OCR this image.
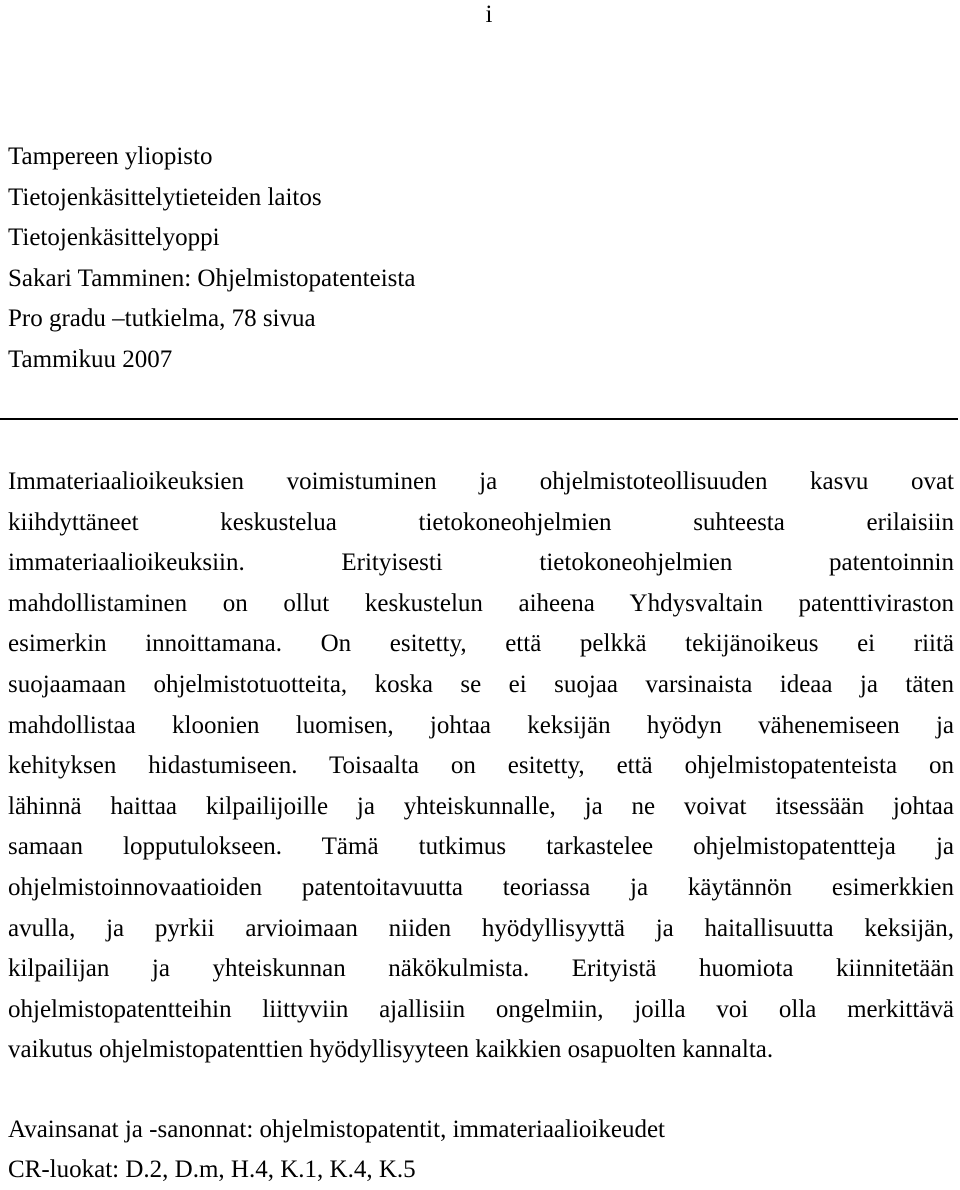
i
Tampereen yliopisto
Tietojenkäsittelytieteiden laitos
Tietojenkäsittelyoppi
Sakari Tamminen: Ohjelmistopatenteista
Pro gradu –tutkielma, 78 sivua
Tammikuu 2007
Immateriaalioikeuksien voimistuminen ja ohjelmistoteollisuuden kasvu ovat
kiihdyttäneet keskustelua tietokoneohjelmien suhteesta erilaisiin
immateriaalioikeuksiin. Erityisesti tietokoneohjelmien patentoinnin
mahdollistaminen on ollut keskustelun aiheena Yhdysvaltain patenttiviraston
esimerkin innoittamana. On esitetty, että pelkkä tekijänoikeus ei riitä
suojaamaan ohjelmistotuotteita, koska se ei suojaa varsinaista ideaa ja täten
mahdollistaa kloonien luomisen, johtaa keksijän hyödyn vähenemiseen ja
kehityksen hidastumiseen. Toisaalta on esitetty, että ohjelmistopatenteista on
lähinnä haittaa kilpailijoille ja yhteiskunnalle, ja ne voivat itsessään johtaa
samaan lopputulokseen. Tämä tutkimus tarkastelee ohjelmistopatentteja ja
ohjelmistoinnovaatioiden patentoitavuutta teoriassa ja käytännön esimerkkien
avulla, ja pyrkii arvioimaan niiden hyödyllisyyttä ja haitallisuutta keksijän,
kilpailijan ja yhteiskunnan näkökulmista. Erityistä huomiota kiinnitetään
ohjelmistopatentteihin liittyviin ajallisiin ongelmiin, joilla voi olla merkittävä
vaikutus ohjelmistopatenttien hyödyllisyyteen kaikkien osapuolten kannalta.
Avainsanat ja -sanonnat: ohjelmistopatentit, immateriaalioikeudet
CR-luokat: D.2, D.m, H.4, K.1, K.4, K.5
